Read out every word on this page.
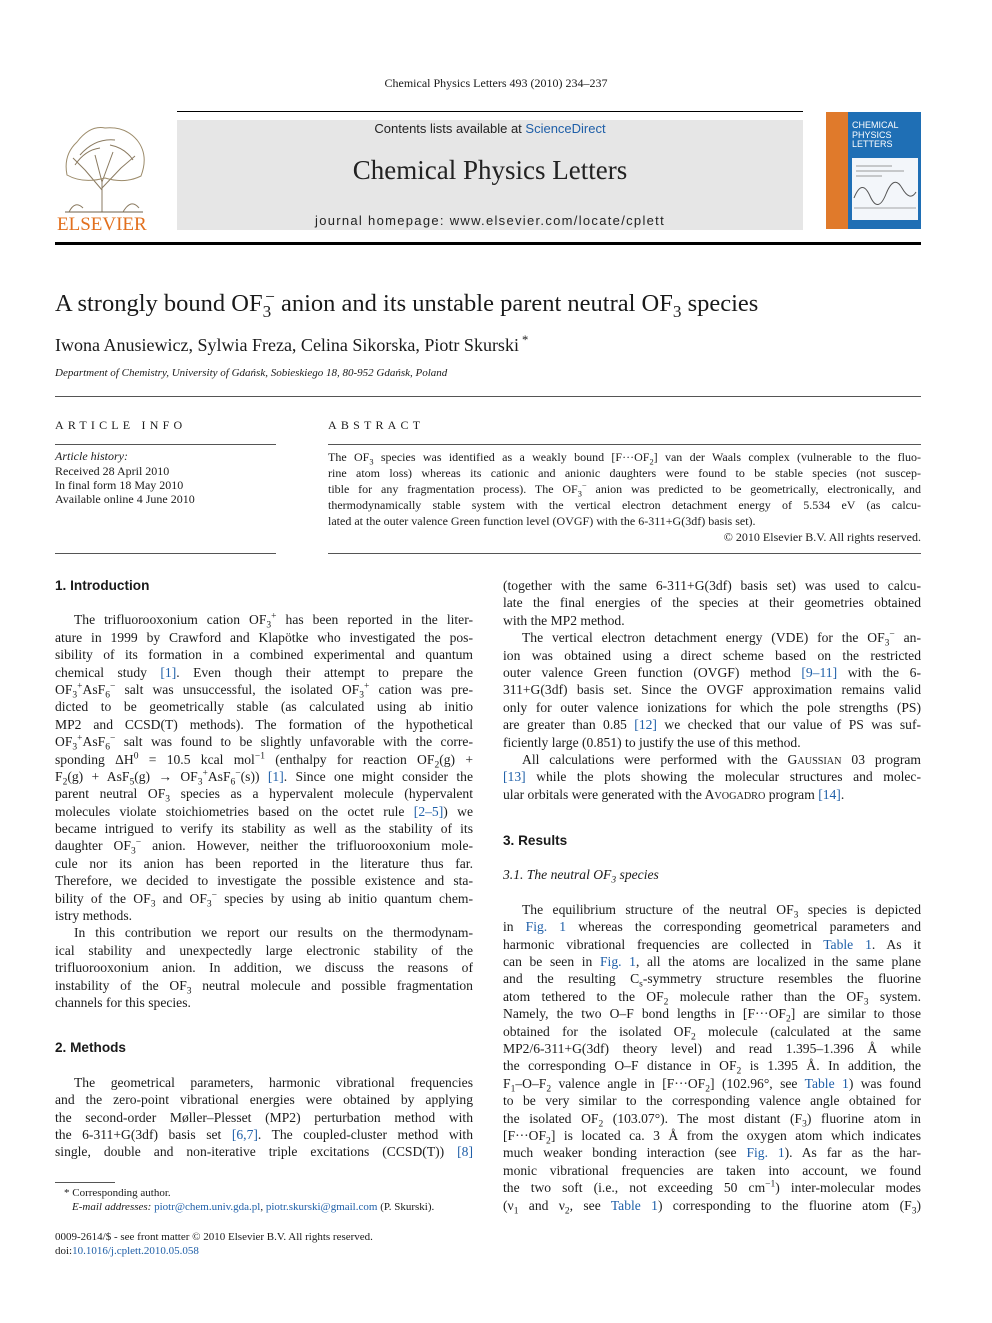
Chemical Physics Letters 493 (2010) 234–237
ELSEVIER
Contents lists available at ScienceDirect
Chemical Physics Letters
journal homepage: www.elsevier.com/locate/cplett
CHEMICAL PHYSICS LETTERS
A strongly bound $OF_3^-$ anion and its unstable parent neutral $OF_3$ species
Iwona Anusiewicz, Sylwia Freza, Celina Sikorska, Piotr Skurski *
Department of Chemistry, University of Gdańsk, Sobieskiego 18, 80-952 Gdańsk, Poland
ARTICLE INFO
Article history:
Received 28 April 2010
In final form 18 May 2010
Available online 4 June 2010
ABSTRACT
The $OF_3$ species was identified as a weakly bound $[F\cdot\cdot\cdot OF_2]$ van der Waals complex (vulnerable to the fluo-
rine atom loss) whereas its cationic and anionic daughters were found to be stable species (not suscep-
tible for any fragmentation process). The $OF_3^-$ anion was predicted to be geometrically, electronically, and
thermodynamically stable system with the vertical electron detachment energy of 5.534 eV (as calcu-
lated at the outer valence Green function level (OVGF) with the 6-311+G(3df) basis set).
© 2010 Elsevier B.V. All rights reserved.
1. Introduction
The trifluorooxonium cation $OF_3^+$ has been reported in the liter-
ature in 1999 by Crawford and Klapötke who investigated the pos-
sibility of its formation in a combined experimental and quantum
chemical study [1]. Even though their attempt to prepare the
$OF_3^+AsF_6^-$ salt was unsuccessful, the isolated $OF_3^+$ cation was pre-
dicted to be geometrically stable (as calculated using ab initio
MP2 and CCSD(T) methods). The formation of the hypothetical
$OF_3^+AsF_6^-$ salt was found to be slightly unfavorable with the corre-
sponding $\Delta H^0 = 10.5$ kcal mol$^{-1}$ (enthalpy for reaction $OF_2(g)$ +
$F_2(g) + AsF_5(g) \to OF_3^+AsF_6^-(s)$) [1]. Since one might consider the
parent neutral $OF_3$ species as a hypervalent molecule (hypervalent
molecules violate stoichiometries based on the octet rule [2–5]) we
became intrigued to verify its stability as well as the stability of its
daughter $OF_3^-$ anion. However, neither the trifluorooxonium mole-
cule nor its anion has been reported in the literature thus far.
Therefore, we decided to investigate the possible existence and sta-
bility of the $OF_3$ and $OF_3^-$ species by using ab initio quantum chem-
istry methods.
In this contribution we report our results on the thermodynam-
ical stability and unexpectedly large electronic stability of the
trifluorooxonium anion. In addition, we discuss the reasons of
instability of the $OF_3$ neutral molecule and possible fragmentation
channels for this species.
2. Methods
The geometrical parameters, harmonic vibrational frequencies
and the zero-point vibrational energies were obtained by applying
the second-order Møller–Plesset (MP2) perturbation method with
the 6-311+G(3df) basis set [6,7]. The coupled-cluster method with
single, double and non-iterative triple excitations (CCSD(T)) [8]
(together with the same 6-311+G(3df) basis set) was used to calcu-
late the final energies of the species at their geometries obtained
with the MP2 method.
The vertical electron detachment energy (VDE) for the $OF_3^-$ an-
ion was obtained using a direct scheme based on the restricted
outer valence Green function (OVGF) method [9–11] with the 6-
311+G(3df) basis set. Since the OVGF approximation remains valid
only for outer valence ionizations for which the pole strengths (PS)
are greater than 0.85 [12] we checked that our value of PS was suf-
ficiently large (0.851) to justify the use of this method.
All calculations were performed with the GAUSSIAN 03 program
[13] while the plots showing the molecular structures and molec-
ular orbitals were generated with the AVOGADRO program [14].
3. Results
3.1. The neutral $OF_3$ species
The equilibrium structure of the neutral $OF_3$ species is depicted
in Fig. 1 whereas the corresponding geometrical parameters and
harmonic vibrational frequencies are collected in Table 1. As it
can be seen in Fig. 1, all the atoms are localized in the same plane
and the resulting $C_s$-symmetry structure resembles the fluorine
atom tethered to the $OF_2$ molecule rather than the $OF_3$ system.
Namely, the two O–F bond lengths in $[F\cdot\cdot\cdot OF_2]$ are similar to those
obtained for the isolated $OF_2$ molecule (calculated at the same
MP2/6-311+G(3df) theory level) and read 1.395–1.396 Å while
the corresponding O–F distance in $OF_2$ is 1.395 Å. In addition, the
$F_1-O-F_2$ valence angle in $[F\cdot\cdot\cdot OF_2]$ (102.96°, see Table 1) was found
to be very similar to the corresponding valence angle obtained for
the isolated $OF_2$ (103.07°). The most distant $(F_3)$ fluorine atom in
$[F\cdot\cdot\cdot OF_2]$ is located ca. 3 Å from the oxygen atom which indicates
much weaker bonding interaction (see Fig. 1). As far as the har-
monic vibrational frequencies are taken into account, we found
the two soft (i.e., not exceeding 50 $cm^{-1}$) inter-molecular modes
($\nu_1$ and $\nu_2$, see Table 1) corresponding to the fluorine atom $(F_3)$
* Corresponding author.
E-mail addresses: piotr@chem.univ.gda.pl, piotr.skurski@gmail.com (P. Skurski).
0009-2614/$ - see front matter © 2010 Elsevier B.V. All rights reserved.
doi:10.1016/j.cplett.2010.05.058
